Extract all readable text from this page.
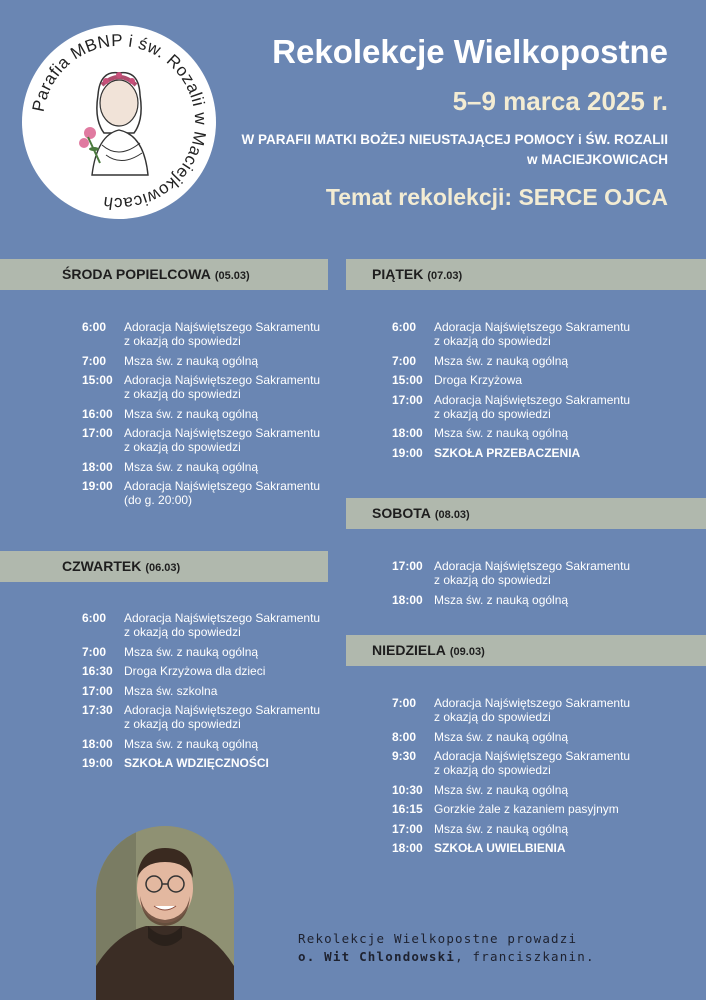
Parafia MBNP i św. Rozalii w Maciejkowicach
Rekolekcje Wielkopostne
5–9 marca 2025 r.
W PARAFII MATKI BOŻEJ NIEUSTAJĄCEJ POMOCY i ŚW. ROZALII
w MACIEJKOWICACH
Temat rekolekcji: SERCE OJCA
ŚRODA POPIELCOWA (05.03)
6:00	Adoracja Najświętszego Sakramentu
z okazją do spowiedzi
7:00	Msza św. z nauką ogólną
15:00 Adoracja Najświętszego Sakramentu
z okazją do spowiedzi
16:00 Msza św. z nauką ogólną
17:00 Adoracja Najświętszego Sakramentu
z okazją do spowiedzi
18:00 Msza św. z nauką ogólną
19:00 Adoracja Najświętszego Sakramentu
(do g. 20:00)
CZWARTEK (06.03)
6:00	Adoracja Najświętszego Sakramentu
z okazją do spowiedzi
7:00	Msza św. z nauką ogólną
16:30 Droga Krzyżowa dla dzieci
17:00 Msza św. szkolna
17:30 Adoracja Najświętszego Sakramentu
z okazją do spowiedzi
18:00 Msza św. z nauką ogólną
19:00 SZKOŁA WDZIĘCZNOŚCI
PIĄTEK (07.03)
6:00	Adoracja Najświętszego Sakramentu
z okazją do spowiedzi
7:00	Msza św. z nauką ogólną
15:00 Droga Krzyżowa
17:00 Adoracja Najświętszego Sakramentu
z okazją do spowiedzi
18:00 Msza św. z nauką ogólną
19:00 SZKOŁA PRZEBACZENIA
SOBOTA (08.03)
17:00 Adoracja Najświętszego Sakramentu
z okazją do spowiedzi
18:00 Msza św. z nauką ogólną
NIEDZIELA (09.03)
7:00	Adoracja Najświętszego Sakramentu
z okazją do spowiedzi
8:00	Msza św. z nauką ogólną
9:30	Adoracja Najświętszego Sakramentu
z okazją do spowiedzi
10:30 Msza św. z nauką ogólną
16:15 Gorzkie żale z kazaniem pasyjnym
17:00 Msza św. z nauką ogólną
18:00 SZKOŁA UWIELBIENIA
Rekolekcje Wielkopostne prowadzi
o. Wit Chlondowski, franciszkanin.
